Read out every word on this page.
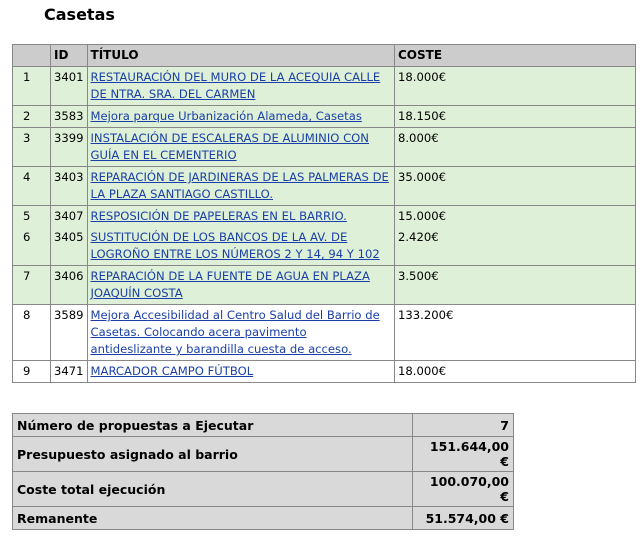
Casetas
	ID	TÍTULO	COSTE
1	3401	RESTAURACIÓN DEL MURO DE LA ACEQUIA CALLE DE NTRA. SRA. DEL CARMEN	18.000€
2	3583	Mejora parque Urbanización Alameda, Casetas	18.150€
3	3399	INSTALACIÓN DE ESCALERAS DE ALUMINIO CON GUÍA EN EL CEMENTERIO	8.000€
4	3403	REPARACIÓN DE JARDINERAS DE LAS PALMERAS DE LA PLAZA SANTIAGO CASTILLO.	35.000€
5	3407	RESPOSICIÓN DE PAPELERAS EN EL BARRIO.	15.000€
6	3405	SUSTITUCIÓN DE LOS BANCOS DE LA AV. DE LOGROÑO ENTRE LOS NÚMEROS 2 Y 14, 94 Y 102	2.420€
7	3406	REPARACIÓN DE LA FUENTE DE AGUA EN PLAZA JOAQUÍN COSTA	3.500€
8	3589	Mejora Accesibilidad al Centro Salud del Barrio de Casetas. Colocando acera pavimento antideslizante y barandilla cuesta de acceso.	133.200€
9	3471	MARCADOR CAMPO FÚTBOL	18.000€
Número de propuestas a Ejecutar	7
Presupuesto asignado al barrio	151.644,00 €
Coste total ejecución	100.070,00 €
Remanente	51.574,00 €
